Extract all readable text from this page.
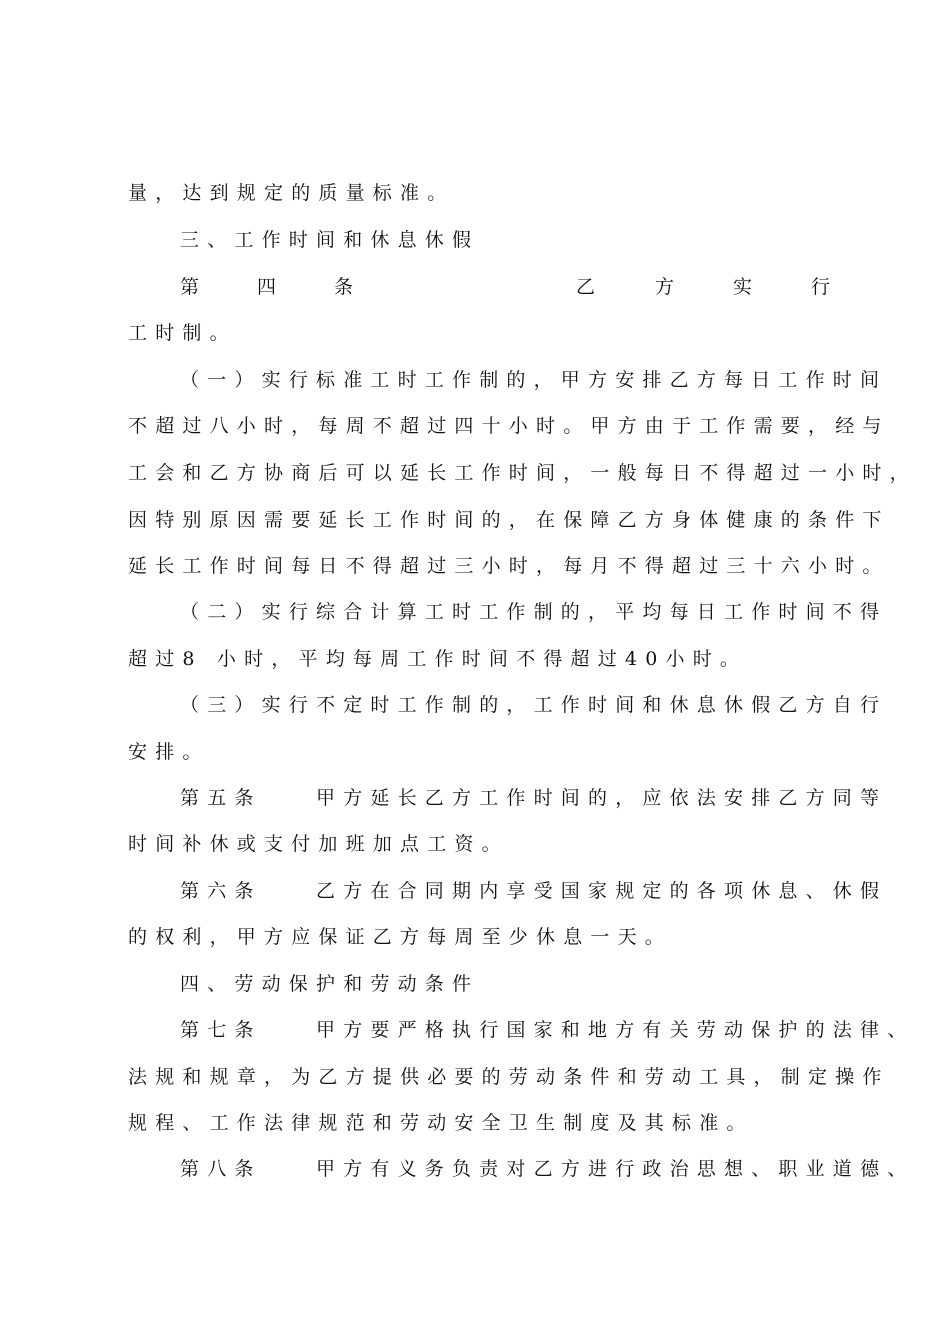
量，达到规定的质量标准。
三、工作时间和休息休假
第	四	条	乙	方	实	行
工时制。
（一）实行标准工时工作制的，甲方安排乙方每日工作时间
不超过八小时，每周不超过四十小时。甲方由于工作需要，经与
工会和乙方协商后可以延长工作时间，一般每日不得超过一小时，
因特别原因需要延长工作时间的，在保障乙方身体健康的条件下
延长工作时间每日不得超过三小时，每月不得超过三十六小时。
（二）实行综合计算工时工作制的，平均每日工作时间不得
超过8 小时，平均每周工作时间不得超过40小时。
（三）实行不定时工作制的，工作时间和休息休假乙方自行
安排。
第五条　　甲方延长乙方工作时间的，应依法安排乙方同等
时间补休或支付加班加点工资。
第六条　　乙方在合同期内享受国家规定的各项休息、休假
的权利，甲方应保证乙方每周至少休息一天。
四、劳动保护和劳动条件
第七条　　甲方要严格执行国家和地方有关劳动保护的法律、
法规和规章，为乙方提供必要的劳动条件和劳动工具，制定操作
规程、工作法律规范和劳动安全卫生制度及其标准。
第八条　　甲方有义务负责对乙方进行政治思想、职业道德、
